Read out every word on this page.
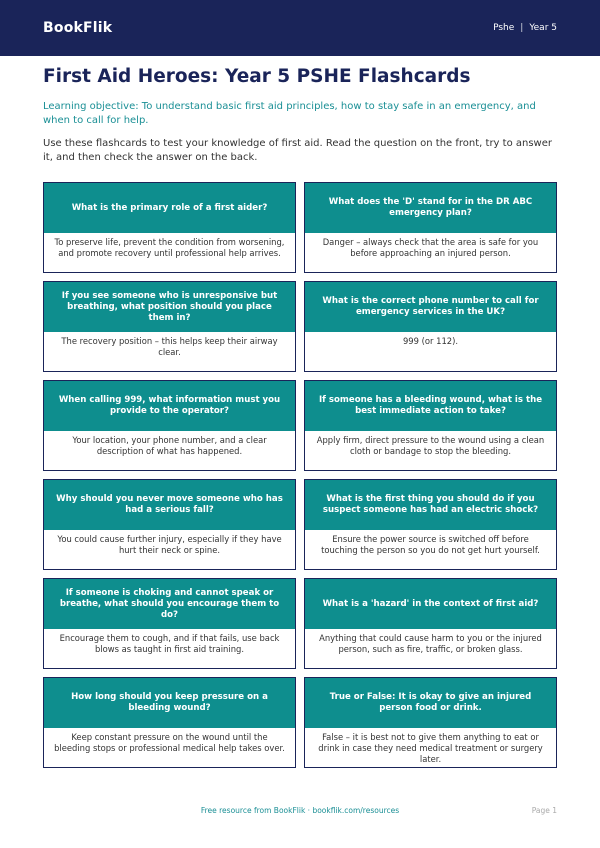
BookFlik	Pshe | Year 5
First Aid Heroes: Year 5 PSHE Flashcards

Learning objective: To understand basic first aid principles, how to stay safe in an emergency, and when to call for help.

Use these flashcards to test your knowledge of first aid. Read the question on the front, try to answer it, and then check the answer on the back.

What is the primary role of a first aider?
To preserve life, prevent the condition from worsening, and promote recovery until professional help arrives.
What does the 'D' stand for in the DR ABC emergency plan?
Danger – always check that the area is safe for you before approaching an injured person.
If you see someone who is unresponsive but breathing, what position should you place them in?
The recovery position – this helps keep their airway clear.
What is the correct phone number to call for emergency services in the UK?
999 (or 112).
When calling 999, what information must you provide to the operator?
Your location, your phone number, and a clear description of what has happened.
If someone has a bleeding wound, what is the best immediate action to take?
Apply firm, direct pressure to the wound using a clean cloth or bandage to stop the bleeding.
Why should you never move someone who has had a serious fall?
You could cause further injury, especially if they have hurt their neck or spine.
What is the first thing you should do if you suspect someone has had an electric shock?
Ensure the power source is switched off before touching the person so you do not get hurt yourself.
If someone is choking and cannot speak or breathe, what should you encourage them to do?
Encourage them to cough, and if that fails, use back blows as taught in first aid training.
What is a 'hazard' in the context of first aid?
Anything that could cause harm to you or the injured person, such as fire, traffic, or broken glass.
How long should you keep pressure on a bleeding wound?
Keep constant pressure on the wound until the bleeding stops or professional medical help takes over.
True or False: It is okay to give an injured person food or drink.
False – it is best not to give them anything to eat or drink in case they need medical treatment or surgery later.
Free resource from BookFlik · bookflik.com/resources	Page 1
